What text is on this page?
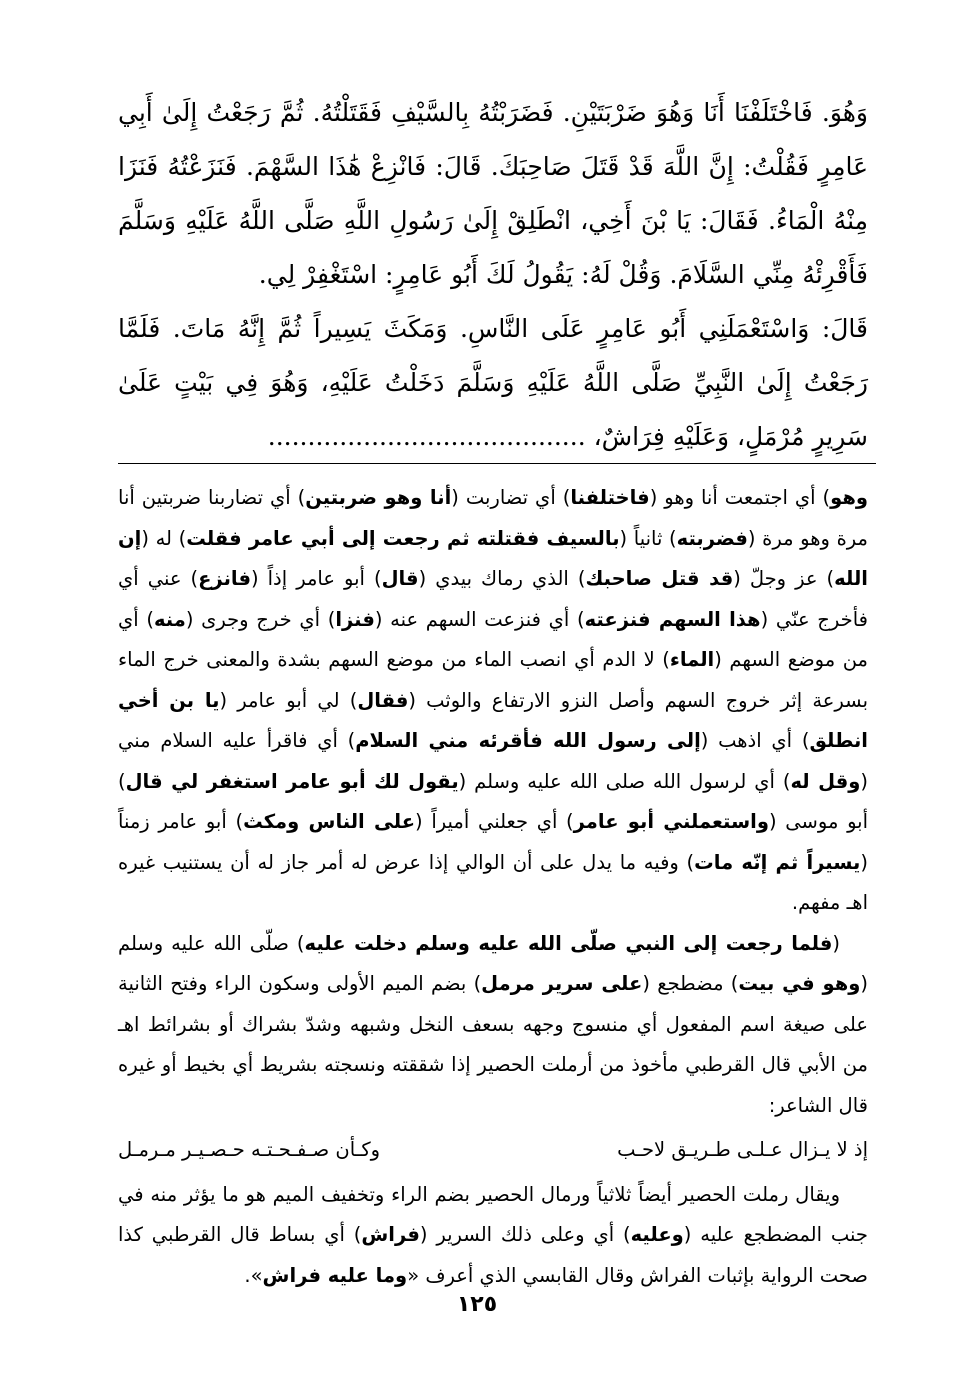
وَهُوَ. فَاخْتَلَفْنَا أَنَا وَهُوَ ضَرْبَتَيْنِ. فَضَرَبْتُهُ بِالسَّيْفِ فَقَتَلْتُهُ. ثُمَّ رَجَعْتُ إِلَىٰ أَبِي عَامِرٍ فَقُلْتُ: إِنَّ اللَّهَ قَدْ قَتَلَ صَاحِبَكَ. قَالَ: فَانْزِعْ هَٰذَا السَّهْمَ. فَنَزَعْتُهُ فَنَزَا مِنْهُ الْمَاءُ. فَقَالَ: يَا بْنَ أَخِي، انْطَلِقْ إِلَىٰ رَسُولِ اللَّهِ صَلَّى اللَّهُ عَلَيْهِ وَسَلَّمَ فَأَقْرِئْهُ مِنِّي السَّلَامَ. وَقُلْ لَهُ: يَقُولُ لَكَ أَبُو عَامِرٍ: اسْتَغْفِرْ لِي.

قَالَ: وَاسْتَعْمَلَنِي أَبُو عَامِرٍ عَلَى النَّاسِ. وَمَكَثَ يَسِيراً ثُمَّ إِنَّهُ مَاتَ. فَلَمَّا رَجَعْتُ إِلَىٰ النَّبِيِّ صَلَّى اللَّهُ عَلَيْهِ وَسَلَّمَ دَخَلْتُ عَلَيْهِ، وَهُوَ فِي بَيْتٍ عَلَىٰ سَرِيرٍ مُرْمَلٍ، وَعَلَيْهِ فِرَاشٌ، ........................................

وهو) أي اجتمعت أنا وهو (فاختلفنا) أي تضاربت (أنا وهو ضربتين) أي تضاربنا ضربتين أنا مرة وهو مرة (فضربته) ثانياً (بالسيف فقتلته ثم رجعت إلى أبي عامر فقلت) له (إن الله) عز وجلّ (قد قتل صاحبك) الذي رماك بيدي (قال) أبو عامر إذاً (فانزع) عني أي فأخرج عنّي (هذا السهم فنزعته) أي فنزعت السهم عنه (فنزا) أي خرج وجرى (منه) أي من موضع السهم (الماء) لا الدم أي انصب الماء من موضع السهم بشدة والمعنى خرج الماء بسرعة إثر خروج السهم وأصل النزو الارتفاع والوثب (فقال) لي أبو عامر (يا بن أخي انطلق) أي اذهب (إلى رسول الله فأقرئه مني السلام) أي فاقرأ عليه السلام مني (وقل له) أي لرسول الله صلى الله عليه وسلم (يقول لك أبو عامر استغفر لي قال) أبو موسى (واستعملني أبو عامر) أي جعلني أميراً (على الناس ومكث) أبو عامر زمناً (يسيراً ثم إنّه مات) وفيه ما يدل على أن الوالي إذا عرض له أمر جاز له أن يستنيب غيره اهـ مفهم.

(فلما رجعت إلى النبي صلّى الله عليه وسلم دخلت عليه) صلّى الله عليه وسلم (وهو في بيت) مضطجع (على سرير مرمل) بضم الميم الأولى وسكون الراء وفتح الثانية على صيغة اسم المفعول أي منسوج وجهه بسعف النخل وشبهه وشدّ بشراك أو بشرائط اهـ من الأبي قال القرطبي مأخوذ من أرملت الحصير إذا شققته ونسجته بشريط أي بخيط أو غيره قال الشاعر:

إذ لا يـزال عـلـى طـريـق لاحـب
وكـأن صـفـحـتـه حـصـيـر مـرمـل

ويقال رملت الحصير أيضاً ثلاثياً ورمال الحصير بضم الراء وتخفيف الميم هو ما يؤثر منه في جنب المضطجع عليه (وعليه) أي وعلى ذلك السرير (فراش) أي بساط قال القرطبي كذا صحت الرواية بإثبات الفراش وقال القابسي الذي أعرف «وما عليه فراش».

١٢٥
